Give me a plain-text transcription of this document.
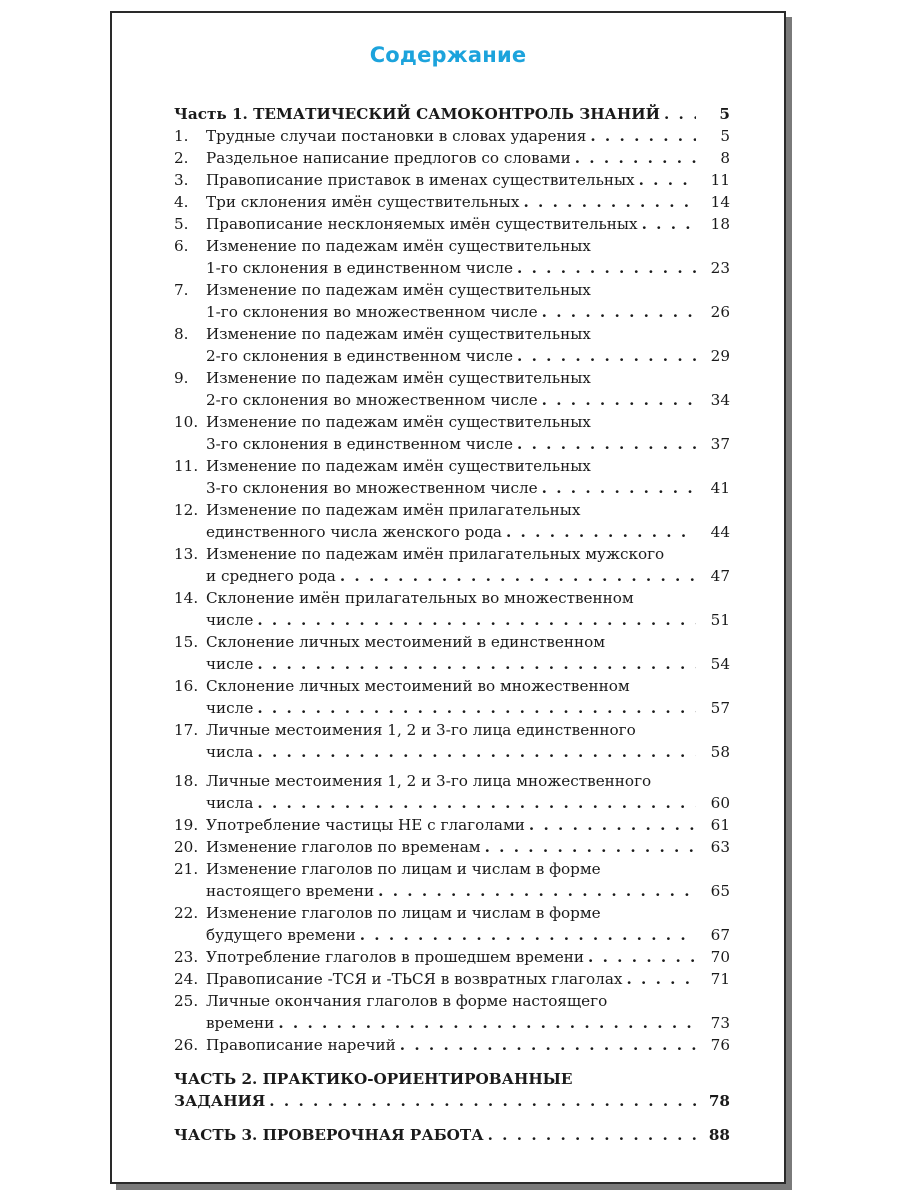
Содержание
Часть 1. ТЕМАТИЧЕСКИЙ САМОКОНТРОЛЬ ЗНАНИЙ . . .	5
1. Трудные случаи постановки в словах ударения . . .	5
2. Раздельное написание предлогов со словами . . .	8
3. Правописание приставок в именах существительных . . .	11
4. Три склонения имён существительных . . .	14
5. Правописание несклоняемых имён существительных . . .	18
6. Изменение по падежам имён существительных
1-го склонения в единственном числе . . .	23
7. Изменение по падежам имён существительных
1-го склонения во множественном числе . . .	26
8. Изменение по падежам имён существительных
2-го склонения в единственном числе . . .	29
9. Изменение по падежам имён существительных
2-го склонения во множественном числе . . .	34
10. Изменение по падежам имён существительных
3-го склонения в единственном числе . . .	37
11. Изменение по падежам имён существительных
3-го склонения во множественном числе . . .	41
12. Изменение по падежам имён прилагательных
единственного числа женского рода . . .	44
13. Изменение по падежам имён прилагательных мужского
и среднего рода . . .	47
14. Склонение имён прилагательных во множественном
числе . . .	51
15. Склонение личных местоимений в единственном
числе . . .	54
16. Склонение личных местоимений во множественном
числе . . .	57
17. Личные местоимения 1, 2 и 3-го лица единственного
числа . . .	58
18. Личные местоимения 1, 2 и 3-го лица множественного
числа . . .	60
19. Употребление частицы НЕ с глаголами . . .	61
20. Изменение глаголов по временам . . .	63
21. Изменение глаголов по лицам и числам в форме
настоящего времени . . .	65
22. Изменение глаголов по лицам и числам в форме
будущего времени . . .	67
23. Употребление глаголов в прошедшем времени . . .	70
24. Правописание -ТСЯ и -ТЬСЯ в возвратных глаголах . . .	71
25. Личные окончания глаголов в форме настоящего
времени . . .	73
26. Правописание наречий . . .	76
ЧАСТЬ 2. ПРАКТИКО-ОРИЕНТИРОВАННЫЕ
ЗАДАНИЯ . . .	78
ЧАСТЬ 3. ПРОВЕРОЧНАЯ РАБОТА . . .	88
